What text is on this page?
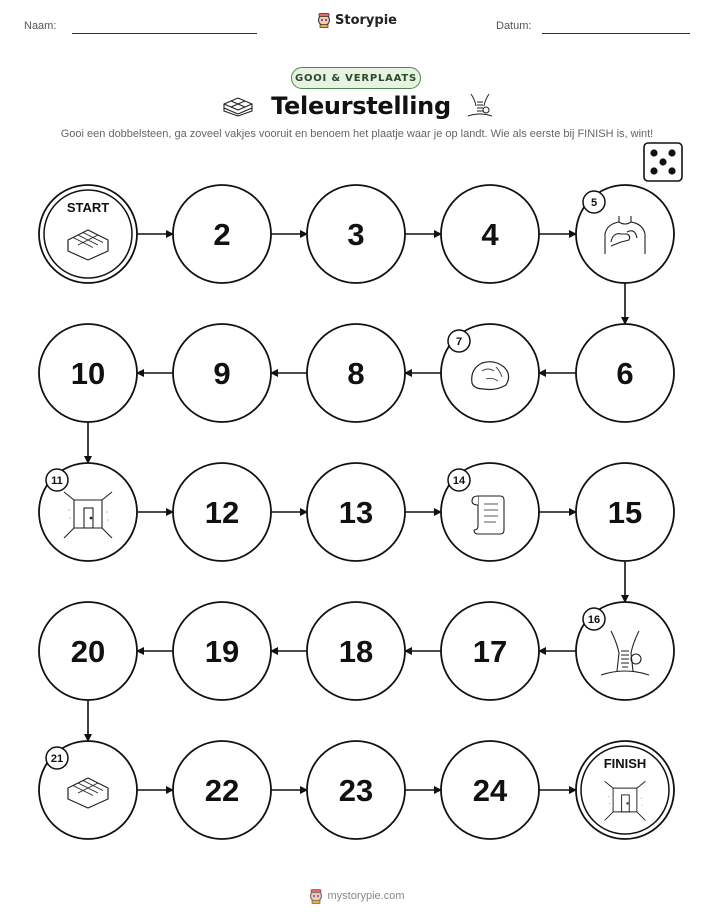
Naam:	Storypie	Datum:
GOOI & VERPLAATS
Teleurstelling
Gooi een dobbelsteen, ga zoveel vakjes vooruit en benoem het plaatje waar je op landt. Wie als eerste bij FINISH is, wint!
START
2	3	4
5
10	9	8
7
6
11
12	13
14
15
20	19	18	17
16
21
22	23	24
FINISH
mystorypie.com
